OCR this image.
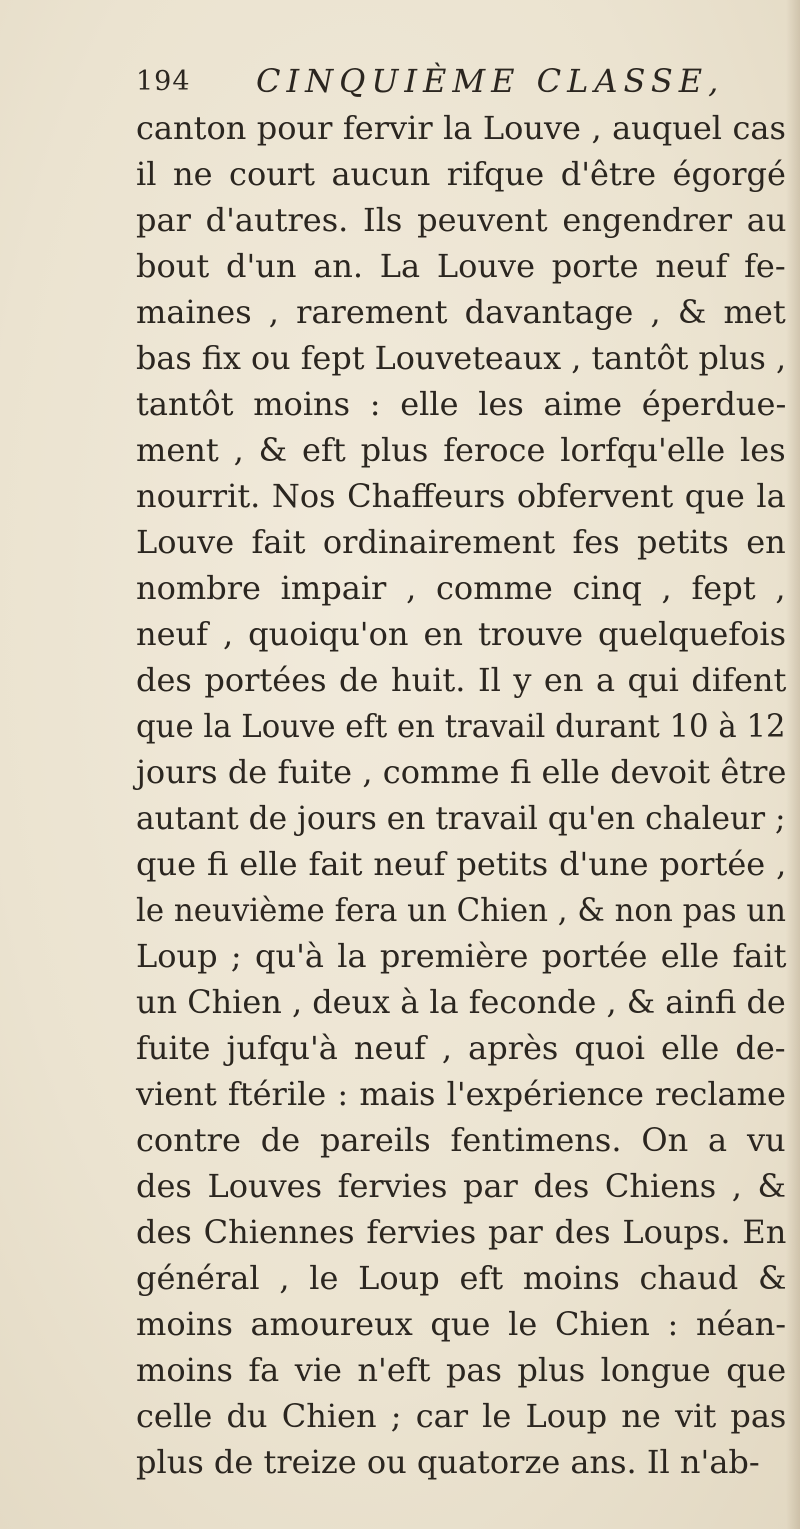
194 CINQUIÈME CLASSE,
canton pour fervir la Louve , auquel cas
il ne court aucun rifque d'être égorgé
par d'autres. Ils peuvent engendrer au
bout d'un an. La Louve porte neuf fe-
maines , rarement davantage , & met
bas fix ou fept Louveteaux , tantôt plus ,
tantôt moins : elle les aime éperdue-
ment , & eft plus feroce lorfqu'elle les
nourrit. Nos Chaffeurs obfervent que la
Louve fait ordinairement fes petits en
nombre impair , comme cinq , fept ,
neuf , quoiqu'on en trouve quelquefois
des portées de huit. Il y en a qui difent
que la Louve eft en travail durant 10 à 12
jours de fuite , comme fi elle devoit être
autant de jours en travail qu'en chaleur ;
que fi elle fait neuf petits d'une portée ,
le neuvième fera un Chien , & non pas un
Loup ; qu'à la première portée elle fait
un Chien , deux à la feconde , & ainfi de
fuite jufqu'à neuf , après quoi elle de-
vient ftérile : mais l'expérience reclame
contre de pareils fentimens. On a vu
des Louves fervies par des Chiens , &
des Chiennes fervies par des Loups. En
général , le Loup eft moins chaud &
moins amoureux que le Chien : néan-
moins fa vie n'eft pas plus longue que
celle du Chien ; car le Loup ne vit pas
plus de treize ou quatorze ans. Il n'ab-
